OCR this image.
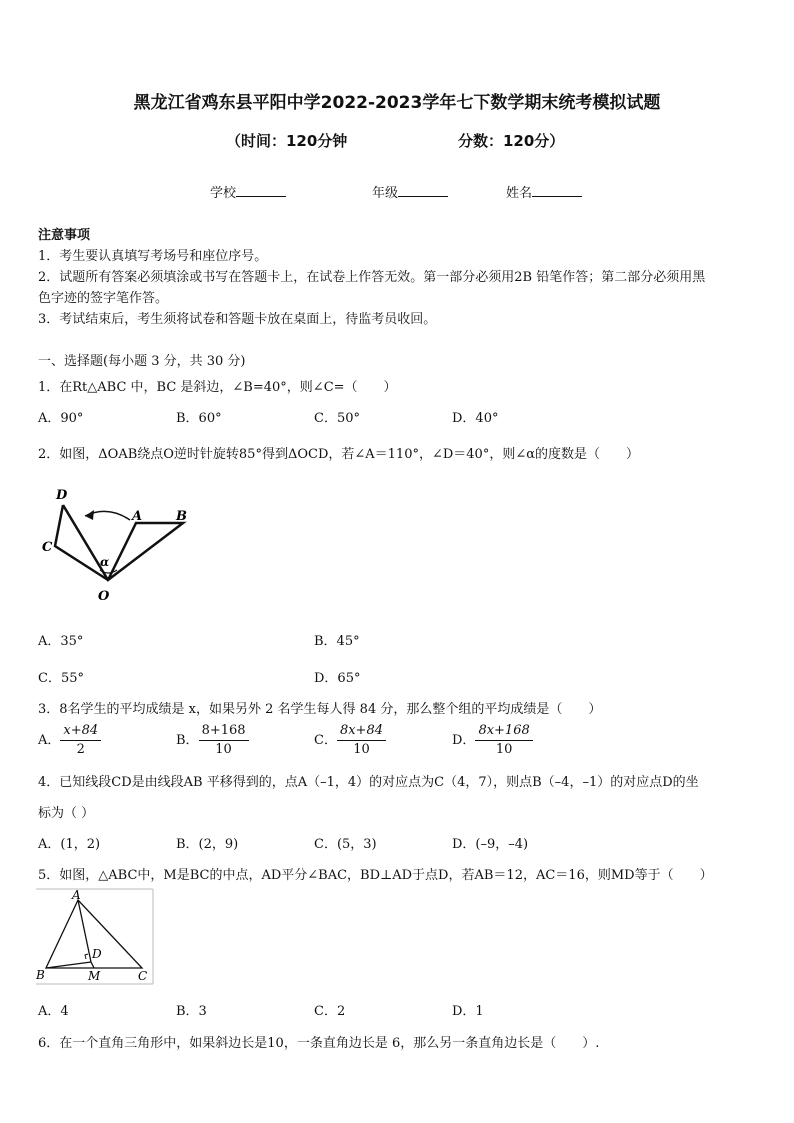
黑龙江省鸡东县平阳中学2022-2023学年七下数学期末统考模拟试题
（时间：120分钟	分数：120分）
学校	年级	姓名
注意事项
1．考生要认真填写考场号和座位序号。
2．试题所有答案必须填涂或书写在答题卡上，在试卷上作答无效。第一部分必须用2B 铅笔作答；第二部分必须用黑
色字迹的签字笔作答。
3．考试结束后，考生须将试卷和答题卡放在桌面上，待监考员收回。
一、选择题(每小题 3 分，共 30 分)
1．在Rt△ABC 中，BC 是斜边，∠B=40°，则∠C=（　　）
A．90°	B．60°	C．50°	D．40°
2．如图，ΔOAB绕点O逆时针旋转85°得到ΔOCD，若∠A＝110°，∠D＝40°，则∠α的度数是（　　）
D
A	B
C
α
O
A．35°	B．45°
C．55°	D．65°
3．8名学生的平均成绩是 x，如果另外 2 名学生每人得 84 分，那么整个组的平均成绩是（　　）
A． $\frac{x+84}{2}$	B． $\frac{8+168}{10}$	C． $\frac{8x+84}{10}$	D． $\frac{8x+168}{10}$
4．已知线段CD是由线段AB 平移得到的，点A（–1，4）的对应点为C（4，7），则点B（–4，–1）的对应点D的坐
标为（ ）
A．(1，2)	B．(2，9)	C．(5，3)	D．(–9，–4)
5．如图，△ABC中，M是BC的中点，AD平分∠BAC，BD⊥AD于点D，若AB＝12，AC＝16，则MD等于（　　）
A
D
B	M	C
A．4	B．3	C．2	D．1
6．在一个直角三角形中，如果斜边长是10，一条直角边长是 6，那么另一条直角边长是（　　）.
